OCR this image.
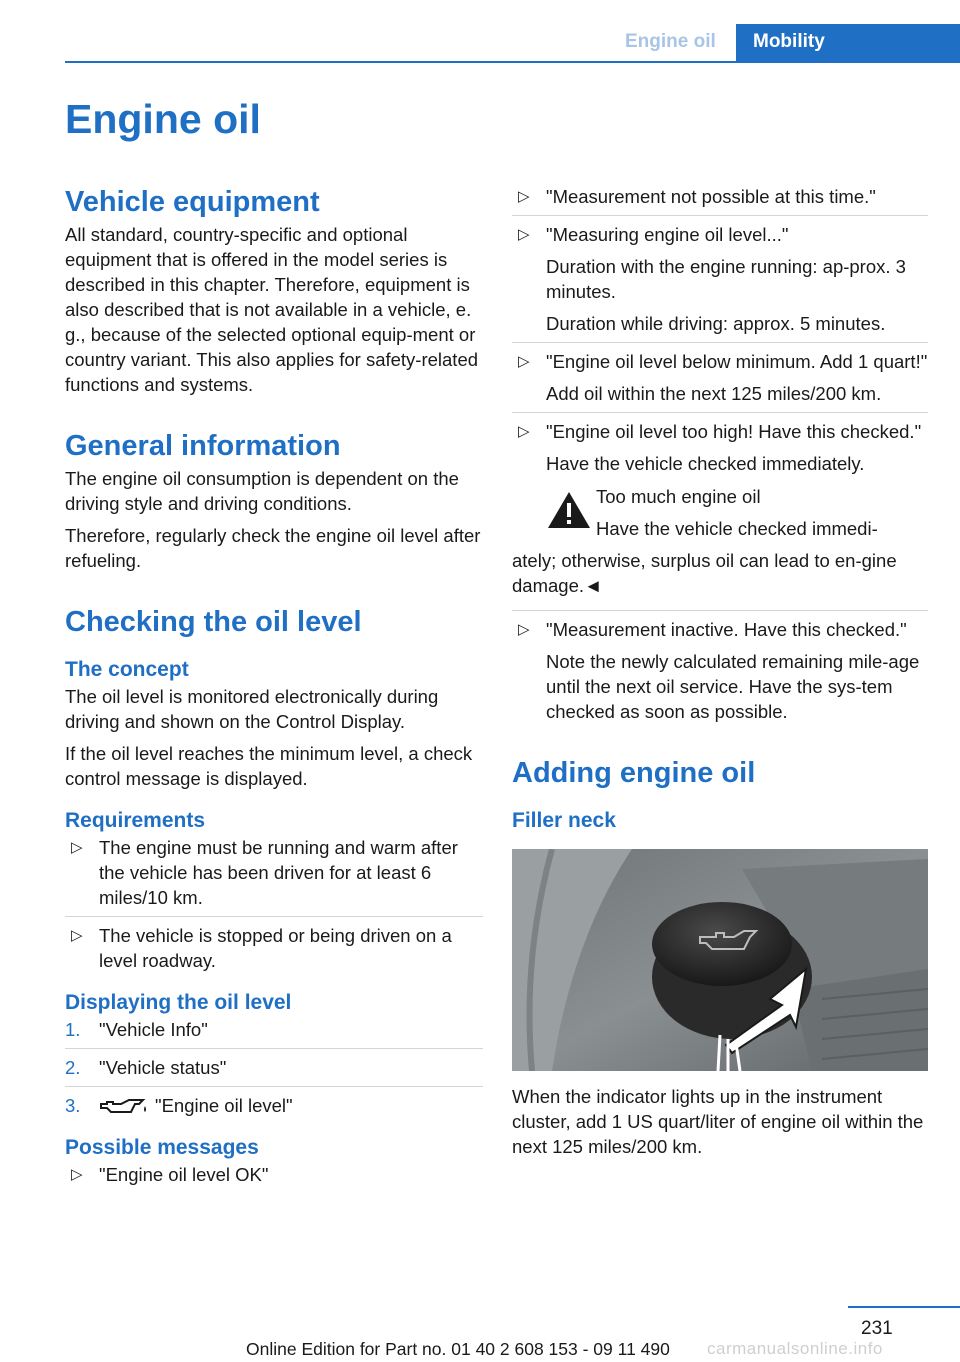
Engine oil	Mobility
Engine oil
Vehicle equipment

All standard, country-specific and optional equipment that is offered in the model series is described in this chapter. Therefore, equipment is also described that is not available in a vehicle, e. g., because of the selected optional equip-ment or country variant. This also applies for safety-related functions and systems.

General information

The engine oil consumption is dependent on the driving style and driving conditions.

Therefore, regularly check the engine oil level after refueling.

Checking the oil level
The concept

The oil level is monitored electronically during driving and shown on the Control Display.

If the oil level reaches the minimum level, a check control message is displayed.

Requirements
▷ The engine must be running and warm after the vehicle has been driven for at least 6 miles/10 km.
▷ The vehicle is stopped or being driven on a level roadway.
Displaying the oil level
1. "Vehicle Info"
2. "Vehicle status"
3.	"Engine oil level"
Possible messages
▷ "Engine oil level OK"
▷ "Measurement not possible at this time."
▷ "Measuring engine oil level..."
Duration with the engine running: ap-prox. 3 minutes.
Duration while driving: approx. 5 minutes.
▷ "Engine oil level below minimum. Add 1 quart!"
Add oil within the next 125 miles/200 km.
▷ "Engine oil level too high! Have this checked."
Have the vehicle checked immediately.
Too much engine oil
Have the vehicle checked immedi-
ately; otherwise, surplus oil can lead to en-gine damage.◄
▷ "Measurement inactive. Have this checked."
Note the newly calculated remaining mile-age until the next oil service. Have the sys-tem checked as soon as possible.
Adding engine oil
Filler neck

When the indicator lights up in the instrument cluster, add 1 US quart/liter of engine oil within the next 125 miles/200 km.

231
Online Edition for Part no. 01 40 2 608 153 - 09 11 490 carmanualsonline.info
